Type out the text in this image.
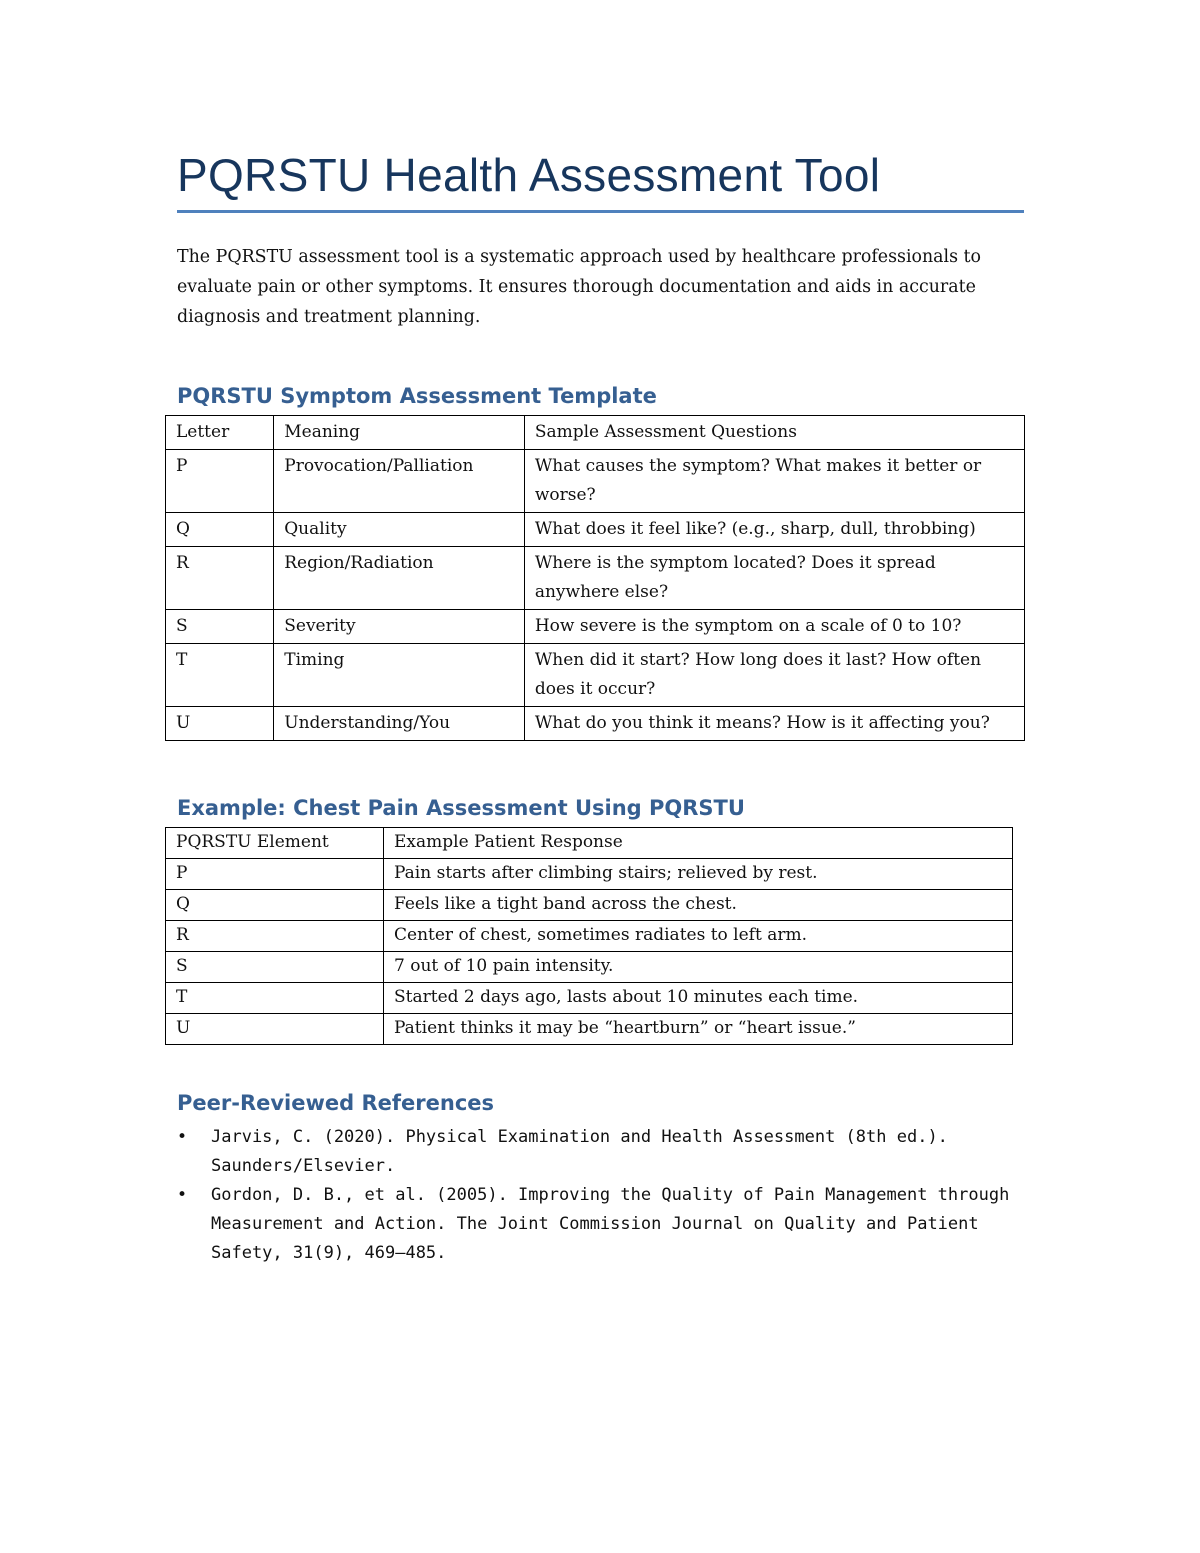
PQRSTU Health Assessment Tool

The PQRSTU assessment tool is a systematic approach used by healthcare professionals to evaluate pain or other symptoms. It ensures thorough documentation and aids in accurate diagnosis and treatment planning.

PQRSTU Symptom Assessment Template
Letter	Meaning	Sample Assessment Questions
P	Provocation/Palliation	What causes the symptom? What makes it better or worse?
Q	Quality	What does it feel like? (e.g., sharp, dull, throbbing)
R	Region/Radiation	Where is the symptom located? Does it spread anywhere else?
S	Severity	How severe is the symptom on a scale of 0 to 10?
T	Timing	When did it start? How long does it last? How often does it occur?
U	Understanding/You	What do you think it means? How is it affecting you?
Example: Chest Pain Assessment Using PQRSTU
PQRSTU Element	Example Patient Response
P	Pain starts after climbing stairs; relieved by rest.
Q	Feels like a tight band across the chest.
R	Center of chest, sometimes radiates to left arm.
S	7 out of 10 pain intensity.
T	Started 2 days ago, lasts about 10 minutes each time.
U	Patient thinks it may be “heartburn” or “heart issue.”
Peer-Reviewed References
• Jarvis, C. (2020). Physical Examination and Health Assessment (8th ed.). Saunders/Elsevier.
• Gordon, D. B., et al. (2005). Improving the Quality of Pain Management through Measurement and Action. The Joint Commission Journal on Quality and Patient Safety, 31(9), 469–485.
